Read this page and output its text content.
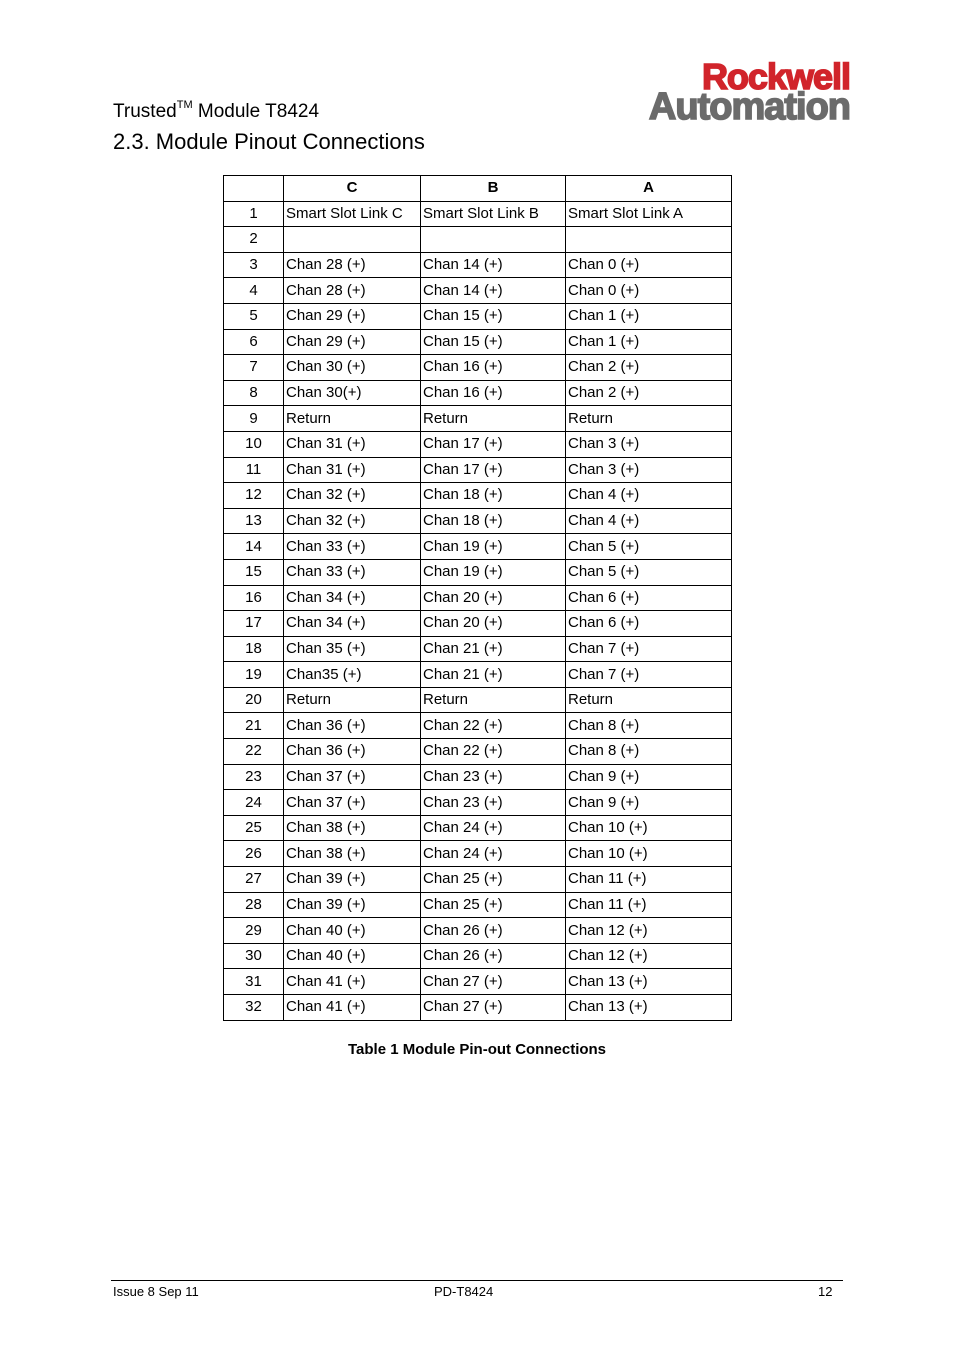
Trusted™ Module T8424
Rockwell
Automation
2.3. Module Pinout Connections
	C	B	A
1	Smart Slot Link C	Smart Slot Link B	Smart Slot Link A
2			
3	Chan 28 (+)	Chan 14 (+)	Chan 0 (+)
4	Chan 28 (+)	Chan 14 (+)	Chan 0 (+)
5	Chan 29 (+)	Chan 15 (+)	Chan 1 (+)
6	Chan 29 (+)	Chan 15 (+)	Chan 1 (+)
7	Chan 30 (+)	Chan 16 (+)	Chan 2 (+)
8	Chan 30(+)	Chan 16 (+)	Chan 2 (+)
9	Return	Return	Return
10	Chan 31 (+)	Chan 17 (+)	Chan 3 (+)
11	Chan 31 (+)	Chan 17 (+)	Chan 3 (+)
12	Chan 32 (+)	Chan 18 (+)	Chan 4 (+)
13	Chan 32 (+)	Chan 18 (+)	Chan 4 (+)
14	Chan 33 (+)	Chan 19 (+)	Chan 5 (+)
15	Chan 33 (+)	Chan 19 (+)	Chan 5 (+)
16	Chan 34 (+)	Chan 20 (+)	Chan 6 (+)
17	Chan 34 (+)	Chan 20 (+)	Chan 6 (+)
18	Chan 35 (+)	Chan 21 (+)	Chan 7 (+)
19	Chan35 (+)	Chan 21 (+)	Chan 7 (+)
20	Return	Return	Return
21	Chan 36 (+)	Chan 22 (+)	Chan 8 (+)
22	Chan 36 (+)	Chan 22 (+)	Chan 8 (+)
23	Chan 37 (+)	Chan 23 (+)	Chan 9 (+)
24	Chan 37 (+)	Chan 23 (+)	Chan 9 (+)
25	Chan 38 (+)	Chan 24 (+)	Chan 10 (+)
26	Chan 38 (+)	Chan 24 (+)	Chan 10 (+)
27	Chan 39 (+)	Chan 25 (+)	Chan 11 (+)
28	Chan 39 (+)	Chan 25 (+)	Chan 11 (+)
29	Chan 40 (+)	Chan 26 (+)	Chan 12 (+)
30	Chan 40 (+)	Chan 26 (+)	Chan 12 (+)
31	Chan 41 (+)	Chan 27 (+)	Chan 13 (+)
32	Chan 41 (+)	Chan 27 (+)	Chan 13 (+)
Table 1 Module Pin-out Connections
Issue 8 Sep 11	PD-T8424	12
